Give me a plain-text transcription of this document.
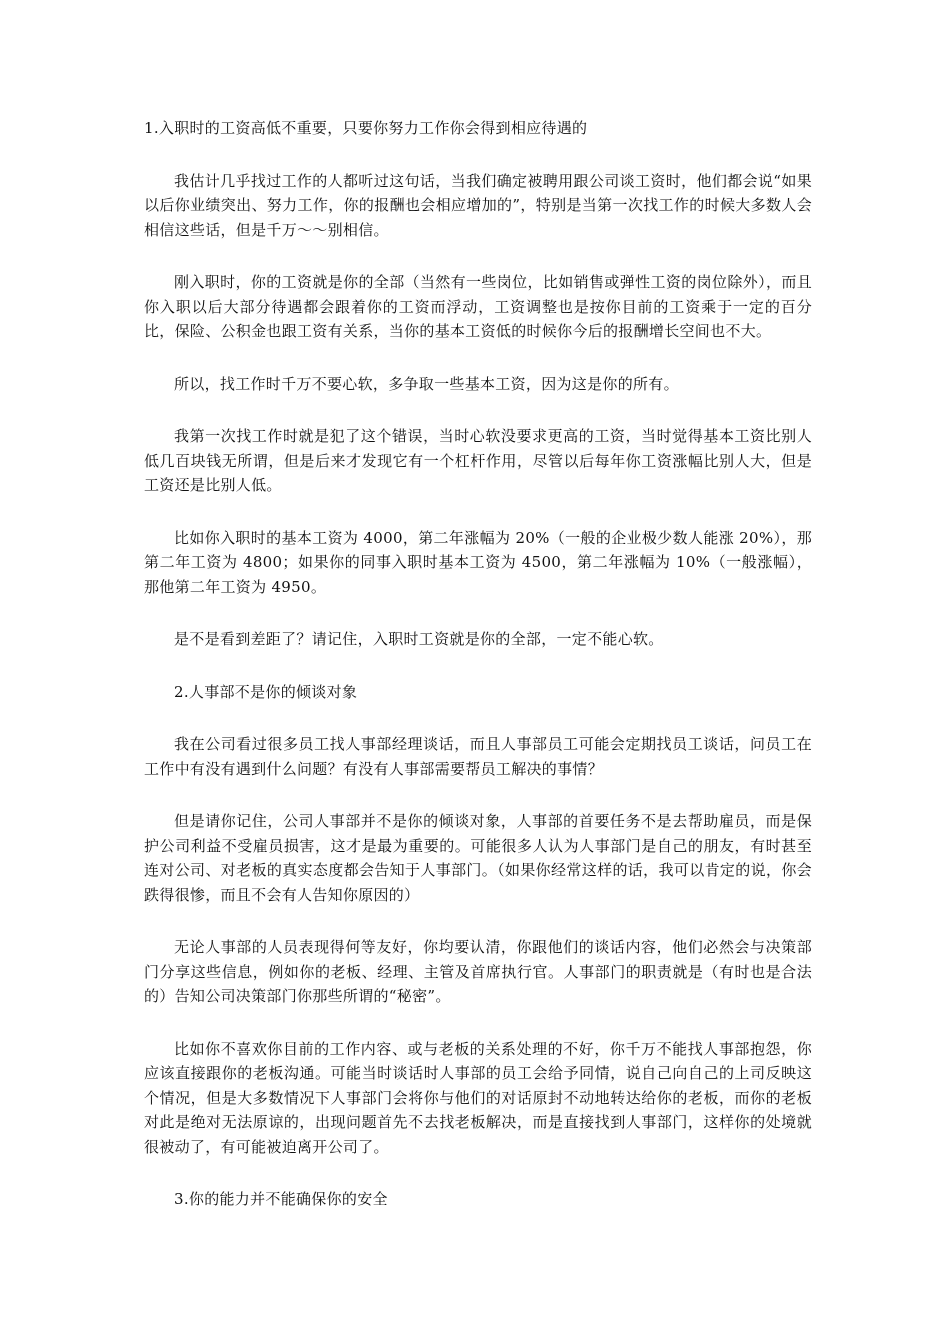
1.入职时的工资高低不重要，只要你努力工作你会得到相应待遇的

我估计几乎找过工作的人都听过这句话，当我们确定被聘用跟公司谈工资时，他们都会说“如果以后你业绩突出、努力工作，你的报酬也会相应增加的”，特别是当第一次找工作的时候大多数人会相信这些话，但是千万～～别相信。

刚入职时，你的工资就是你的全部（当然有一些岗位，比如销售或弹性工资的岗位除外），而且你入职以后大部分待遇都会跟着你的工资而浮动，工资调整也是按你目前的工资乘于一定的百分比，保险、公积金也跟工资有关系，当你的基本工资低的时候你今后的报酬增长空间也不大。

所以，找工作时千万不要心软，多争取一些基本工资，因为这是你的所有。

我第一次找工作时就是犯了这个错误，当时心软没要求更高的工资，当时觉得基本工资比别人低几百块钱无所谓，但是后来才发现它有一个杠杆作用，尽管以后每年你工资涨幅比别人大，但是工资还是比别人低。

比如你入职时的基本工资为 4000，第二年涨幅为 20%（一般的企业极少数人能涨 20%），那第二年工资为 4800；如果你的同事入职时基本工资为 4500，第二年涨幅为 10%（一般涨幅），那他第二年工资为 4950。

是不是看到差距了？请记住，入职时工资就是你的全部，一定不能心软。

2.人事部不是你的倾谈对象

我在公司看过很多员工找人事部经理谈话，而且人事部员工可能会定期找员工谈话，问员工在工作中有没有遇到什么问题？有没有人事部需要帮员工解决的事情？

但是请你记住，公司人事部并不是你的倾谈对象，人事部的首要任务不是去帮助雇员，而是保护公司利益不受雇员损害，这才是最为重要的。可能很多人认为人事部门是自己的朋友，有时甚至连对公司、对老板的真实态度都会告知于人事部门。（如果你经常这样的话，我可以肯定的说，你会跌得很惨，而且不会有人告知你原因的）

无论人事部的人员表现得何等友好，你均要认清，你跟他们的谈话内容，他们必然会与决策部门分享这些信息，例如你的老板、经理、主管及首席执行官。人事部门的职责就是（有时也是合法的）告知公司决策部门你那些所谓的“秘密”。

比如你不喜欢你目前的工作内容、或与老板的关系处理的不好，你千万不能找人事部抱怨，你应该直接跟你的老板沟通。可能当时谈话时人事部的员工会给予同情，说自己向自己的上司反映这个情况，但是大多数情况下人事部门会将你与他们的对话原封不动地转达给你的老板，而你的老板对此是绝对无法原谅的，出现问题首先不去找老板解决，而是直接找到人事部门，这样你的处境就很被动了，有可能被迫离开公司了。

3.你的能力并不能确保你的安全
